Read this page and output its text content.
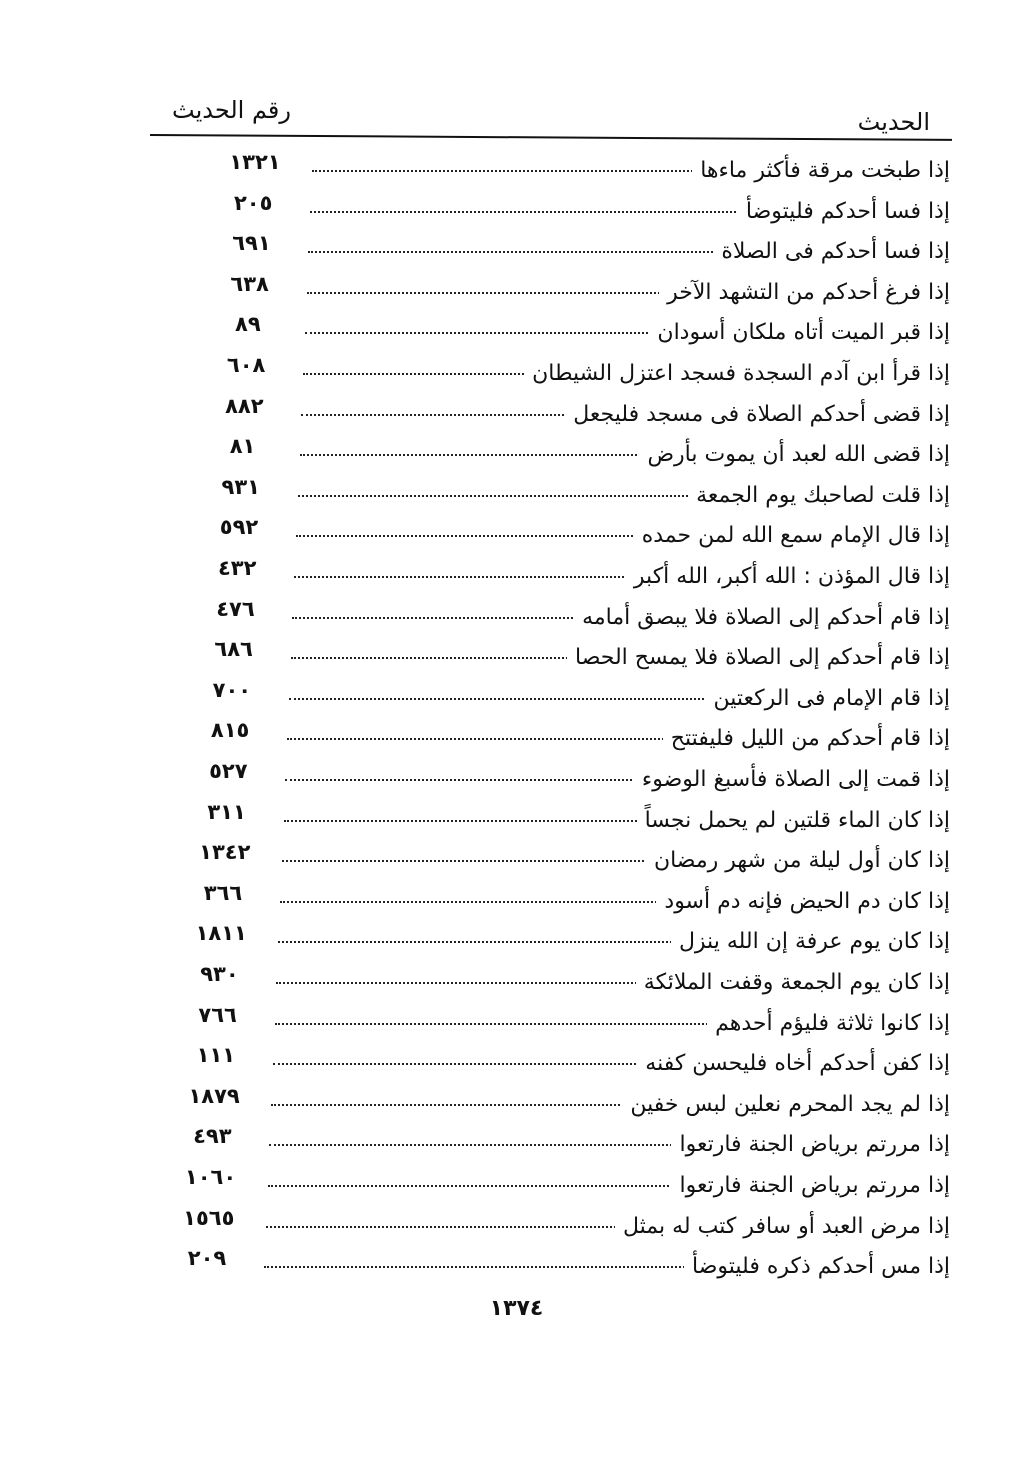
رقم الحديث	الحديث
١٣٢١	إذا طبخت مرقة فأكثر ماءها
٢٠٥	إذا فسا أحدكم فليتوضأ
٦٩١	إذا فسا أحدكم فى الصلاة
٦٣٨	إذا فرغ أحدكم من التشهد الآخر
٨٩	إذا قبر الميت أتاه ملكان أسودان
٦٠٨	إذا قرأ ابن آدم السجدة فسجد اعتزل الشيطان
٨٨٢	إذا قضى أحدكم الصلاة فى مسجد فليجعل
٨١	إذا قضى الله لعبد أن يموت بأرض
٩٣١	إذا قلت لصاحبك يوم الجمعة
٥٩٢	إذا قال الإمام سمع الله لمن حمده
٤٣٢	إذا قال المؤذن : الله أكبر، الله أكبر
٤٧٦	إذا قام أحدكم إلى الصلاة فلا يبصق أمامه
٦٨٦	إذا قام أحدكم إلى الصلاة فلا يمسح الحصا
٧٠٠	إذا قام الإمام فى الركعتين
٨١٥	إذا قام أحدكم من الليل فليفتتح
٥٢٧	إذا قمت إلى الصلاة فأسبغ الوضوء
٣١١	إذا كان الماء قلتين لم يحمل نجساً
١٣٤٢	إذا كان أول ليلة من شهر رمضان
٣٦٦	إذا كان دم الحيض فإنه دم أسود
١٨١١	إذا كان يوم عرفة إن الله ينزل
٩٣٠	إذا كان يوم الجمعة وقفت الملائكة
٧٦٦	إذا كانوا ثلاثة فليؤم أحدهم
١١١	إذا كفن أحدكم أخاه فليحسن كفنه
١٨٧٩	إذا لم يجد المحرم نعلين لبس خفين
٤٩٣	إذا مررتم برياض الجنة فارتعوا
١٠٦٠	إذا مررتم برياض الجنة فارتعوا
١٥٦٥	إذا مرض العبد أو سافر كتب له بمثل
٢٠٩	إذا مس أحدكم ذكره فليتوضأ
١٣٧٤
